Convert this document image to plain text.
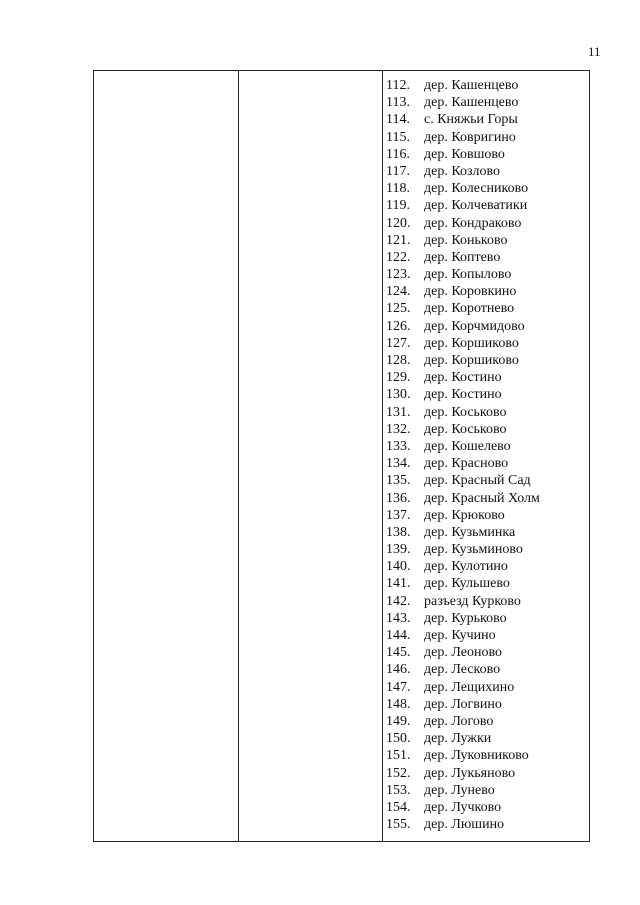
11
112.	дер. Кашенцево
113.	дер. Кашенцево
114.	с. Княжьи Горы
115.	дер. Ковригино
116.	дер. Ковшово
117.	дер. Козлово
118.	дер. Колесниково
119.	дер. Колчеватики
120. дер. Кондраково
121. дер. Коньково
122. дер. Коптево
123. дер. Копылово
124. дер. Коровкино
125. дер. Коротнево
126. дер. Корчмидово
127. дер. Коршиково
128. дер. Коршиково
129. дер. Костино
130. дер. Костино
131. дер. Коськово
132. дер. Коськово
133. дер. Кошелево
134. дер. Красново
135. дер. Красный Сад
136. дер. Красный Холм
137. дер. Крюково
138. дер. Кузьминка
139. дер. Кузьминово
140. дер. Кулотино
141. дер. Кульшево
142. разъезд Курково
143. дер. Курьково
144. дер. Кучино
145. дер. Леоново
146. дер. Лесково
147. дер. Лещихино
148. дер. Логвино
149. дер. Логово
150. дер. Лужки
151. дер. Луковниково
152. дер. Лукьяново
153. дер. Лунево
154. дер. Лучково
155. дер. Люшино
